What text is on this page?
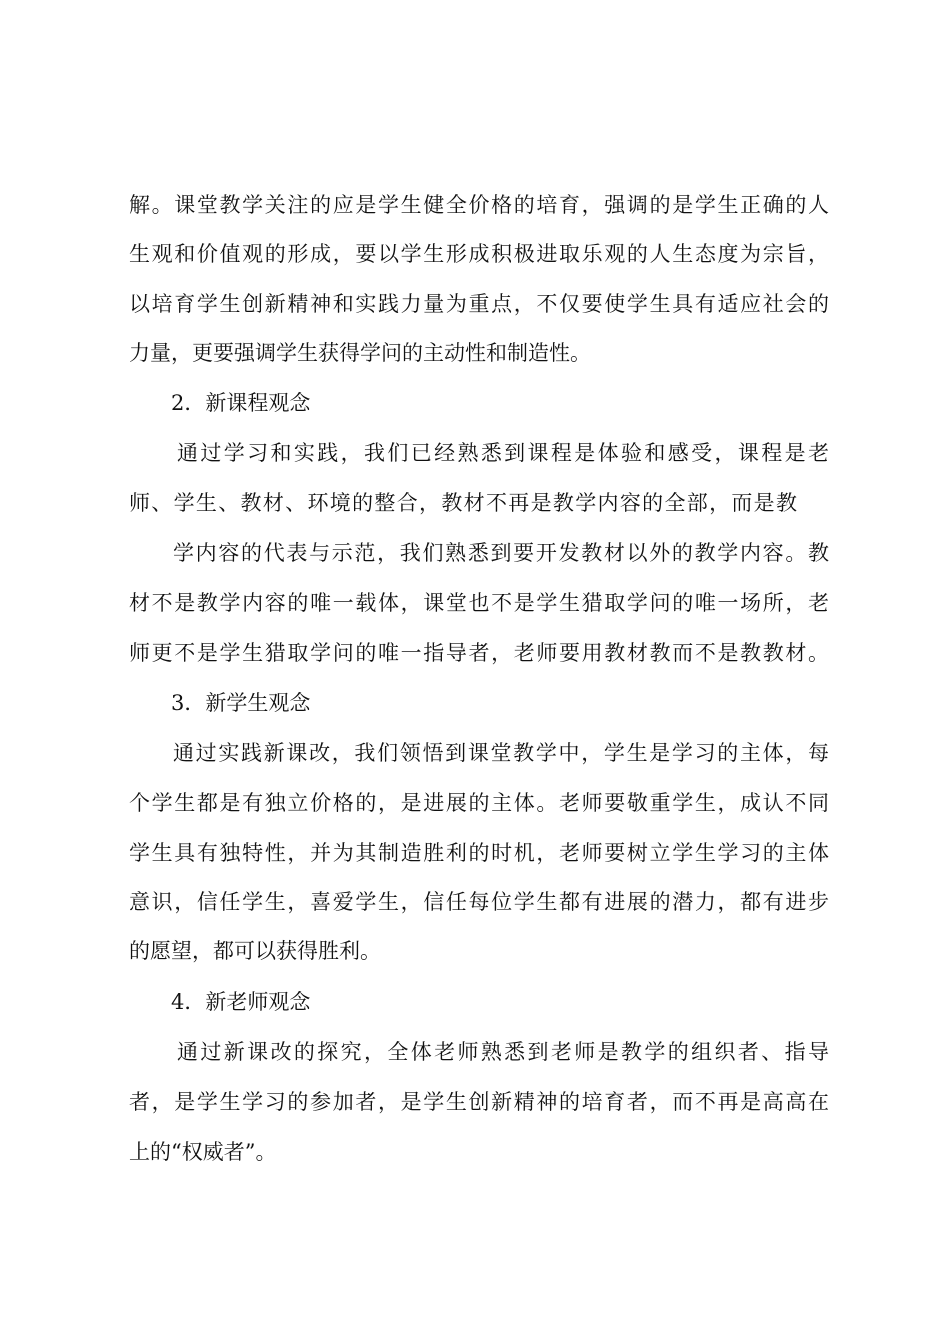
解。课堂教学关注的应是学生健全价格的培育，强调的是学生正确的人
生观和价值观的形成，要以学生形成积极进取乐观的人生态度为宗旨，
以培育学生创新精神和实践力量为重点，不仅要使学生具有适应社会的
力量，更要强调学生获得学问的主动性和制造性。
2．新课程观念
通过学习和实践，我们已经熟悉到课程是体验和感受，课程是老
师、学生、教材、环境的整合，教材不再是教学内容的全部，而是教
学内容的代表与示范，我们熟悉到要开发教材以外的教学内容。教
材不是教学内容的唯一载体，课堂也不是学生猎取学问的唯一场所，老
师更不是学生猎取学问的唯一指导者，老师要用教材教而不是教教材。
3．新学生观念
通过实践新课改，我们领悟到课堂教学中，学生是学习的主体，每
个学生都是有独立价格的，是进展的主体。老师要敬重学生，成认不同
学生具有独特性，并为其制造胜利的时机，老师要树立学生学习的主体
意识，信任学生，喜爱学生，信任每位学生都有进展的潜力，都有进步
的愿望，都可以获得胜利。
4．新老师观念
通过新课改的探究，全体老师熟悉到老师是教学的组织者、指导
者，是学生学习的参加者，是学生创新精神的培育者，而不再是高高在
上的“权威者”。
